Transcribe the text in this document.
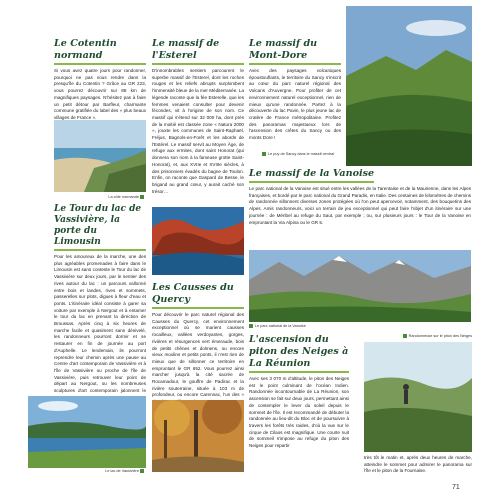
Le Cotentin normand

Si vous avez quatre jours pour randonner, pourquoi ne pas vous rendre dans la presqu'île du Cotentin ? Grâce au GR 223, vous pourrez découvrir sur 88 km de magnifiques paysages. N'hésitez pas à faire un petit détour par Barfleur, charmante commune gratifiée du label des « plus beaux villages de France ».

La côte normande

Le Tour du lac de Vassivière, la porte du Limousin

Pour les amoureux de la marche, une des plus agréables promenades à faire dans le Limousin est sans conteste le Tour du lac de Vassivière sur deux jours, par le sentier des rives autour du lac : un parcours vallonné entre bois et landes, rives et sommets, passerelles sur plots, digues à fleur d'eau et ponts. L'itinéraire idéal consiste à garer sa voiture par exemple à Nergout et à entamer le tour du lac en prenant la direction de Broussas. Après cinq à six heures de marche facile et quasiment sans dénivelé, les randonneurs pourront dormir et se restaurer en fin de journée au port d'Auphelle. Le lendemain, ils pourront reprendre leur chemin après une pause au Centre d'art contemporain de Vassivière et à l'île de Vassivière ou proche de l'île de Vassivière, puis retrouver leur point de départ au Nergout, ou les nombreuses sculptures d'art contemporain jalonnent le

Le lac de Vassivière

Le massif de l'Esterel

D'innombrables sentiers parcourent le superbe massif de l'Esterel, dont les roches rouges et les reliefs abrupts surplombent l'immensité bleue de la mer Méditerranée. La légende raconte que la fée Esterelle, que les femmes venaient consulter pour devenir fécondes, vit à l'origine de son nom. Ce massif qui s'étend sur 32 000 ha, dont près de la moitié est classée zone « Natura 2000 », jouxte les communes de Saint-Raphaël, Fréjus, Bagnols-en-Forêt et les abords de l'Estérel. Le massif servit au Moyen Âge, de refuge aux ermites, dont saint Honorat (qui donnera son nom à la fameuse grotte Saint-Honorat), et, aux XVIIe et XVIIIe siècles, à des prisonniers évadés du bagne de Toulon. Enfin, on raconte que Gaspard de Besse, le brigand au grand cœur, y aurait caché son trésor…

Les Causses du Quercy

Pour découvrir le parc naturel régional des Causses du Quercy, cet environnement exceptionnel où se marient causses rocailleux, vallées verdoyantes, gorges, rivières et résurgences vert émeraude, bois de petits chênes et dolmens, ou encore vieux moulins et petits ponts, il n'est rien de mieux que de sillonner ce territoire en empruntant le GR 652. Vous pourrez ainsi marcher jusqu'à la cité sacrée de Rocamadour, le gouffre de Padirac et la rivière souterraine, située à 103 m de profondeur, ou encore Carennac, l'un des «

Le massif du Mont-Dore

Avec des paysages volcaniques époustouflants, le territoire du Sancy s'inscrit au cœur du parc naturel régional des Volcans d'Auvergne. Pour profiter de cet environnement naturel exceptionnel, rien de mieux qu'une randonnée. Partez à la découverte du lac Pavin, le plus jeune lac de cratère de France métropolitaine. Profitez des panoramas majestueux lors de l'ascension des crêtes du Sancy ou des monts Dore !

Le puy de Sancy dans le massif central

Le massif de la Vanoise

Le parc national de la Vanoise est situé entre les vallées de la Tarentaise et de la Maurienne, dans les Alpes françaises, et bordé par le parc national du Grand Paradis, en Italie. Des centaines de kilomètres de chemins de randonnée sillonnent diverses zones protégées où l'on peut apercevoir, notamment, des bouquetins des Alpes. Amis randonneurs, voici un terrain de jeu exceptionnel qui peut faire l'objet d'un itinéraire sur une journée : de Méribel au refuge du Saut, par exemple ; ou, sur plusieurs jours : le Tour de la Vanoise en empruntant la Via Alpina ou le GR 5.

Le parc national de la Vanoise
Randonneuse sur le piton des Neiges

L'ascension du piton des Neiges à La Réunion

Avec ses 3 070 m d'altitude, le piton des Neiges est le point culminant de l'océan Indien. Randonnée incontournable de La Réunion, son ascension se fait sur deux jours, permettant ainsi de contempler le lever du soleil depuis le sommet de l'île. Il est recommandé de débuter la randonnée au lieu-dit du Bloc et de poursuivre à travers les forêts très raides, d'où la vue sur le cirque de Cilaos est magnifique. Une courte nuit de sommeil s'impose au refuge du piton des Neiges pour repartir

très tôt le matin et, après deux heures de marche, atteindre le sommet pour admirer le panorama sur l'île et le piton de la Fournaise.

71
